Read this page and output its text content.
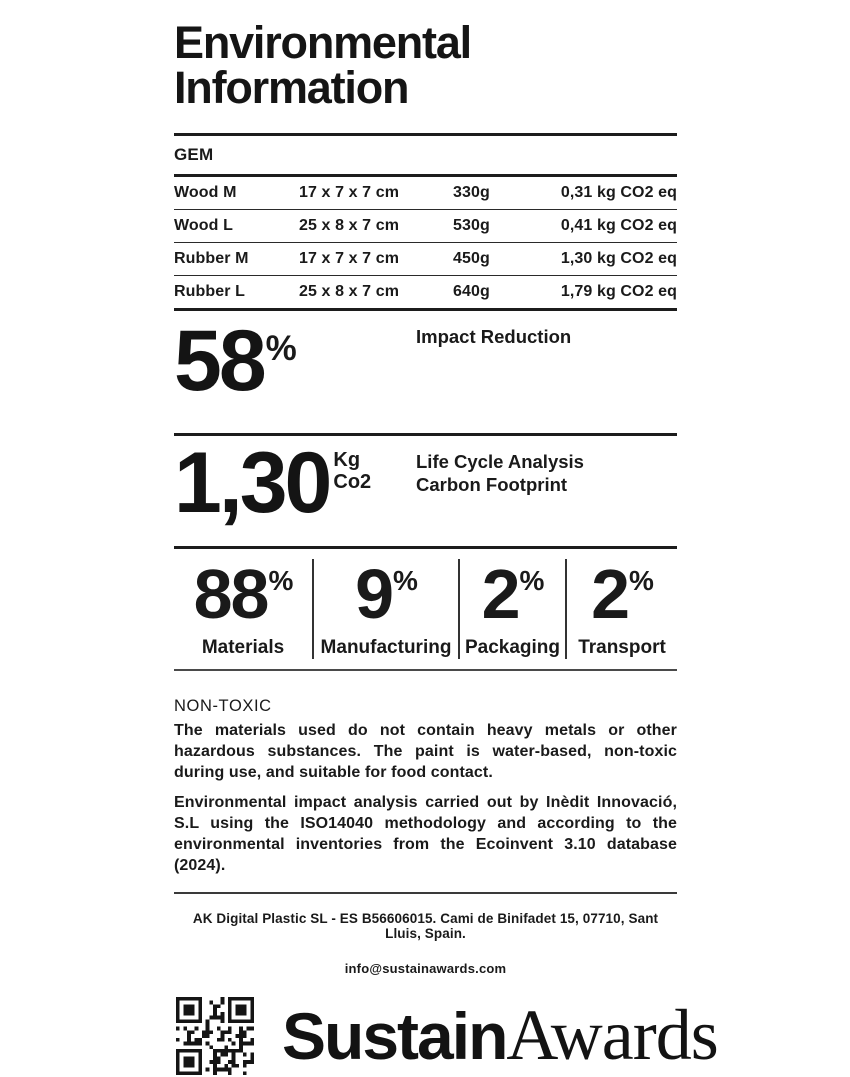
Environmental
Information
GEM
Wood M	17 x 7 x 7 cm	330g	0,31 kg CO2 eq
Wood L	25 x 8 x 7 cm	530g	0,41 kg CO2 eq
Rubber M	17 x 7 x 7 cm	450g	1,30 kg CO2 eq
Rubber L	25 x 8 x 7 cm	640g	1,79 kg CO2 eq
58%	Impact Reduction
1,30 Kg
Co2
Life Cycle Analysis
Carbon Footprint
88%
Materials
9%
Manufacturing
2%
Packaging
2%
Transport
NON-TOXIC

The materials used do not contain heavy metals or other hazardous substances. The paint is water-based, non-toxic during use, and suitable for food contact.

Environmental impact analysis carried out by Inèdit Innovació, S.L using the ISO14040 methodology and according to the environmental inventories from the Ecoinvent 3.10 database (2024).

AK Digital Plastic SL - ES B56606015. Cami de Binifadet 15, 07710, Sant Lluis, Spain.
info@sustainawards.com
SustainAwards
